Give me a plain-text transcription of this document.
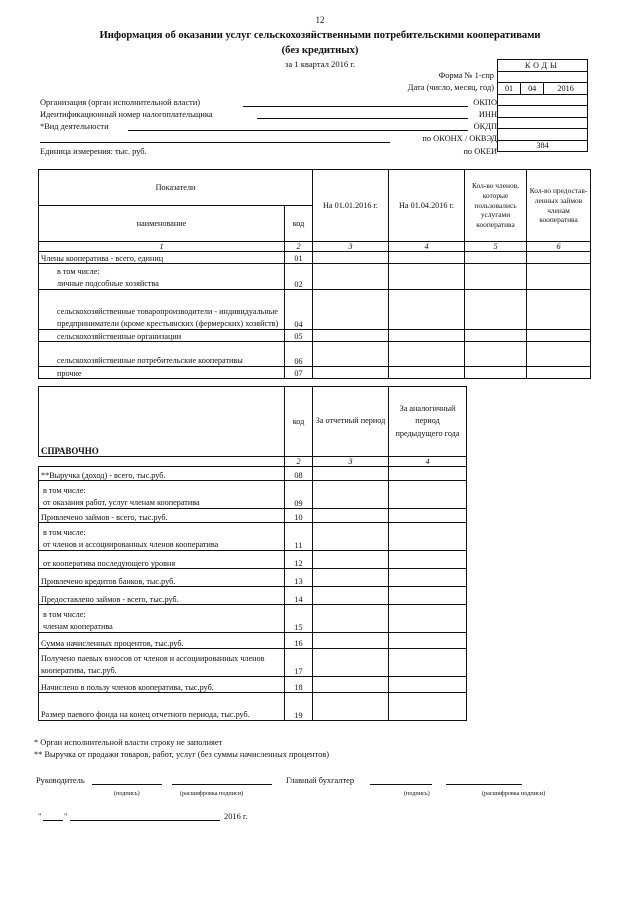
12
Информация об оказании услуг сельскохозяйственными потребительскими кооперативами
(без кредитных)
за 1 квартал 2016 г.	КОДЫ

01	04	2016

384
Форма № 1-спр
Дата (число, месяц, год)
Организация (орган исполнительной власти)	ОКПО
Идентификационный номер налогоплательщика	ИНН
*Вид деятельности	ОКДП
по ОКОНХ / ОКВЭД
Единица измерения: тыс. руб.	по ОКЕИ
Показатели		На 01.01.2016 г.	На 01.04.2016 г.	Кол-во членов, которые пользовались услугами кооператива	Кол-во предостав-ленных займов членам кооператива
наименование	код				
1	2	3	4	5	6
Члены кооператива - всего, единиц	01				
в том числе:
личные подсобные хозяйства	02				
сельскохозяйственные товаропроизводители - индивидуальные предприниматели (кроме крестьянских (фермерских) хозяйств)	04				
сельскохозяйственные организации	05				
сельскохозяйственные потребительские кооперативы	06				
прочие	07				
СПРАВОЧНО	код	За отчетный период	За аналогичный период предыдущего года
	2	3	4
**Выручка (доход) - всего, тыс.руб.	08		
в том числе:
от оказания работ, услуг членам кооператива	09		
Привлечено займов - всего, тыс.руб.	10		
в том числе:
от членов и ассоциированных членов кооператива	11		
от кооператива последующего уровня	12		
Привлечено кредитов банков, тыс.руб.	13		
Предоставлено займов - всего, тыс.руб.	14		
в том числе:
членам кооператива	15		
Сумма начисленных процентов, тыс.руб.	16		
Получено паевых взносов от членов и ассоциированных членов кооператива, тыс.руб.	17		
Начислено в пользу членов кооператива, тыс.руб.	18		
Размер паевого фонда на конец отчетного периода, тыс.руб.	19		
* Орган исполнительной власти строку не заполняет
** Выручка от продажи товаров, работ, услуг (без суммы начисленных процентов)
Руководитель	Главный бухгалтер
(подпись)	(расшифровка подписи)	(подпись)	(расшифровка подписи)
"	"	2016 г.
